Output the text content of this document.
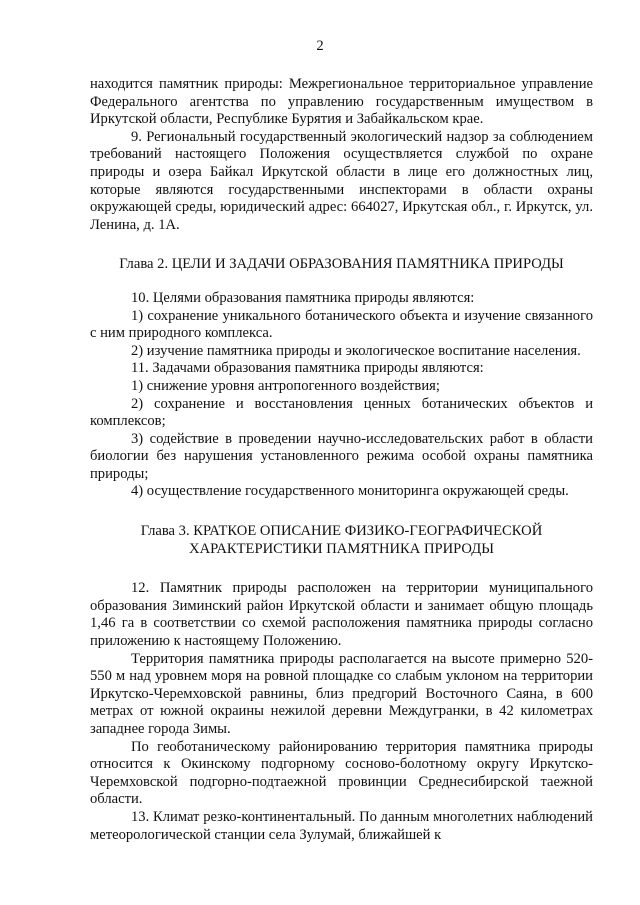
2

находится памятник природы: Межрегиональное территориальное управление Федерального агентства по управлению государственным имуществом в Иркутской области, Республике Бурятия и Забайкальском крае.

9. Региональный государственный экологический надзор за соблюдением требований настоящего Положения осуществляется службой по охране природы и озера Байкал Иркутской области в лице его должностных лиц, которые являются государственными инспекторами в области охраны окружающей среды, юридический адрес: 664027, Иркутская обл., г. Иркутск, ул. Ленина, д. 1А.

Глава 2. ЦЕЛИ И ЗАДАЧИ ОБРАЗОВАНИЯ ПАМЯТНИКА ПРИРОДЫ

10. Целями образования памятника природы являются:

1) сохранение уникального ботанического объекта и изучение связанного с ним природного комплекса.

2) изучение памятника природы и экологическое воспитание населения.

11. Задачами образования памятника природы являются:

1) снижение уровня антропогенного воздействия;

2) сохранение и восстановления ценных ботанических объектов и комплексов;

3) содействие в проведении научно-исследовательских работ в области биологии без нарушения установленного режима особой охраны памятника природы;

4) осуществление государственного мониторинга окружающей среды.

Глава 3. КРАТКОЕ ОПИСАНИЕ ФИЗИКО-ГЕОГРАФИЧЕСКОЙ
ХАРАКТЕРИСТИКИ ПАМЯТНИКА ПРИРОДЫ

12. Памятник природы расположен на территории муниципального образования Зиминский район Иркутской области и занимает общую площадь 1,46 га в соответствии со схемой расположения памятника природы согласно приложению к настоящему Положению.

Территория памятника природы располагается на высоте примерно 520-550 м над уровнем моря на ровной площадке со слабым уклоном на территории Иркутско-Черемховской равнины, близ предгорий Восточного Саяна, в 600 метрах от южной окраины нежилой деревни Междугранки, в 42 километрах западнее города Зимы.

По геоботаническому районированию территория памятника природы относится к Окинскому подгорному сосново-болотному округу Иркутско-Черемховской подгорно-подтаежной провинции Среднесибирской таежной области.

13. Климат резко-континентальный. По данным многолетних наблюдений метеорологической станции села Зулумай, ближайшей к
